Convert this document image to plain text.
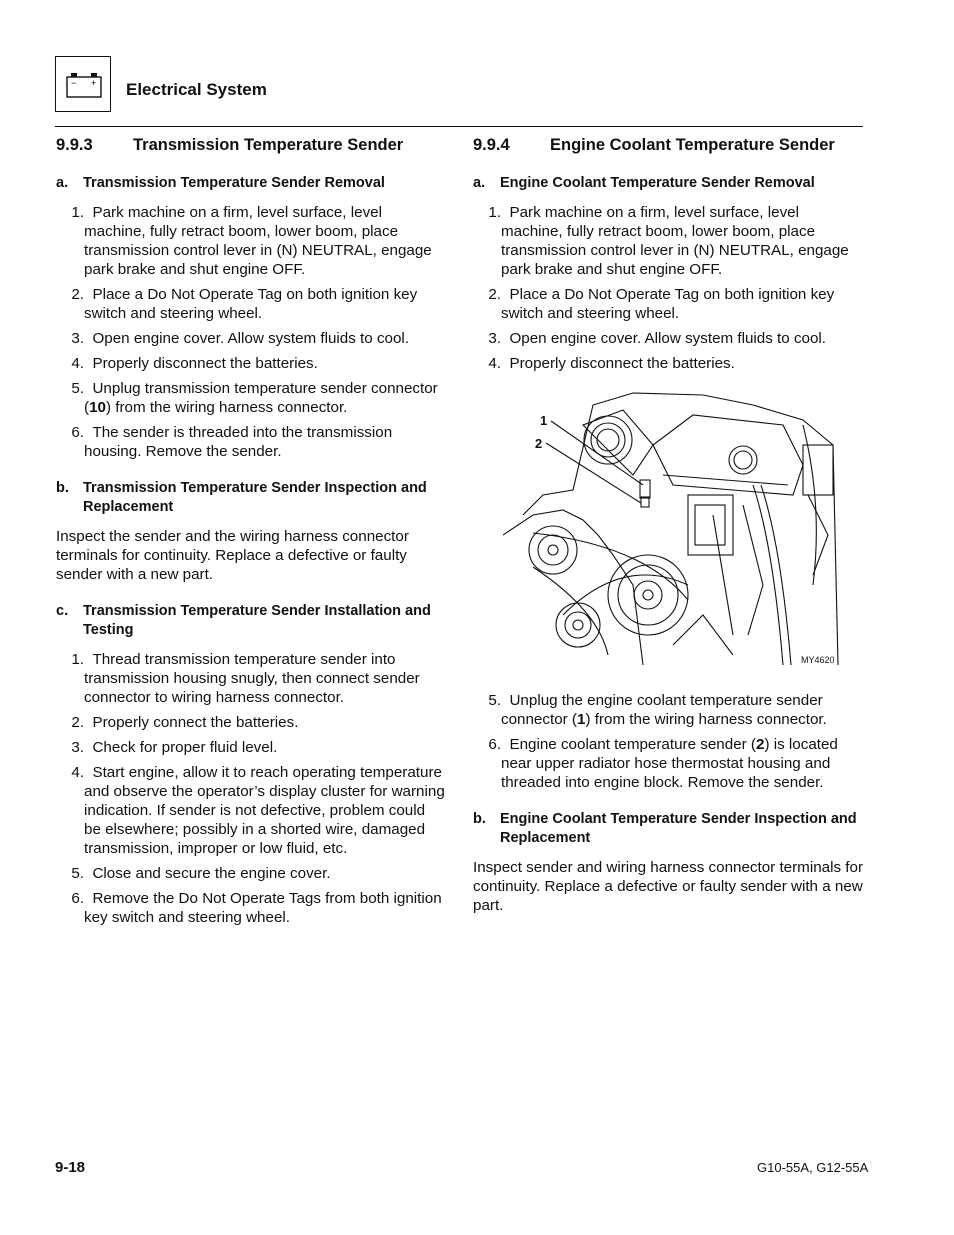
− + Electrical System
9.9.3	Transmission Temperature Sender
a.	Transmission Temperature Sender Removal
1. Park machine on a firm, level surface, level machine, fully retract boom, lower boom, place transmission control lever in (N) NEUTRAL, engage park brake and shut engine OFF.
2. Place a Do Not Operate Tag on both ignition key switch and steering wheel.
3. Open engine cover. Allow system fluids to cool.
4. Properly disconnect the batteries.
5. Unplug transmission temperature sender connector (10) from the wiring harness connector.
6. The sender is threaded into the transmission housing. Remove the sender.
b. Transmission Temperature Sender Inspection and Replacement

Inspect the sender and the wiring harness connector terminals for continuity. Replace a defective or faulty sender with a new part.

c.	Transmission Temperature Sender Installation and Testing
1. Thread transmission temperature sender into transmission housing snugly, then connect sender connector to wiring harness connector.
2. Properly connect the batteries.
3. Check for proper fluid level.
4. Start engine, allow it to reach operating temperature and observe the operator’s display cluster for warning indication. If sender is not defective, problem could be elsewhere; possibly in a shorted wire, damaged transmission, improper or low fluid, etc.
5. Close and secure the engine cover.
6. Remove the Do Not Operate Tags from both ignition key switch and steering wheel.
9.9.4	Engine Coolant Temperature Sender
a.	Engine Coolant Temperature Sender Removal
1. Park machine on a firm, level surface, level machine, fully retract boom, lower boom, place transmission control lever in (N) NEUTRAL, engage park brake and shut engine OFF.
2. Place a Do Not Operate Tag on both ignition key switch and steering wheel.
3. Open engine cover. Allow system fluids to cool.
4. Properly disconnect the batteries.
1
2
MY4620
5. Unplug the engine coolant temperature sender connector (1) from the wiring harness connector.
6. Engine coolant temperature sender (2) is located near upper radiator hose thermostat housing and threaded into engine block. Remove the sender.
b. Engine Coolant Temperature Sender Inspection and Replacement

Inspect sender and wiring harness connector terminals for continuity. Replace a defective or faulty sender with a new part.

9-18	G10-55A, G12-55A
